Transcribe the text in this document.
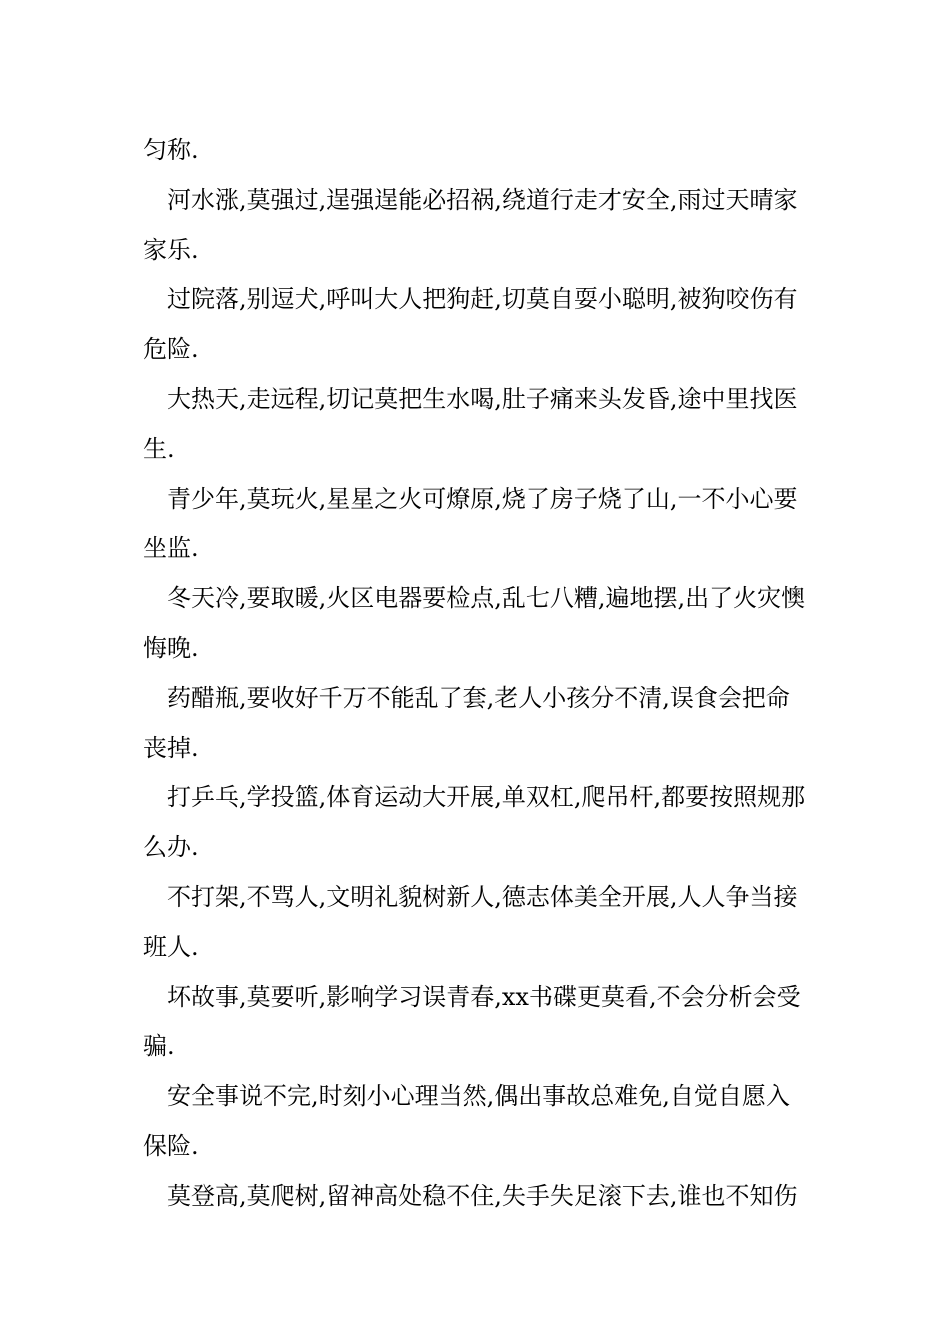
匀称.

河水涨,莫强过,逞强逞能必招祸,绕道行走才安全,雨过天晴家家乐.

过院落,别逗犬,呼叫大人把狗赶,切莫自耍小聪明,被狗咬伤有危险.

大热天,走远程,切记莫把生水喝,肚子痛来头发昏,途中里找医生.

青少年,莫玩火,星星之火可燎原,烧了房子烧了山,一不小心要坐监.

冬天冷,要取暖,火区电器要检点,乱七八糟,遍地摆,出了火灾懊悔晚.

药醋瓶,要收好千万不能乱了套,老人小孩分不清,误食会把命丧掉.

打乒乓,学投篮,体育运动大开展,单双杠,爬吊杆,都要按照规那么办.

不打架,不骂人,文明礼貌树新人,德志体美全开展,人人争当接班人.

坏故事,莫要听,影响学习误青春,xx书碟更莫看,不会分析会受骗.

安全事说不完,时刻小心理当然,偶出事故总难免,自觉自愿入保险.

莫登高,莫爬树,留神高处稳不住,失手失足滚下去,谁也不知伤
